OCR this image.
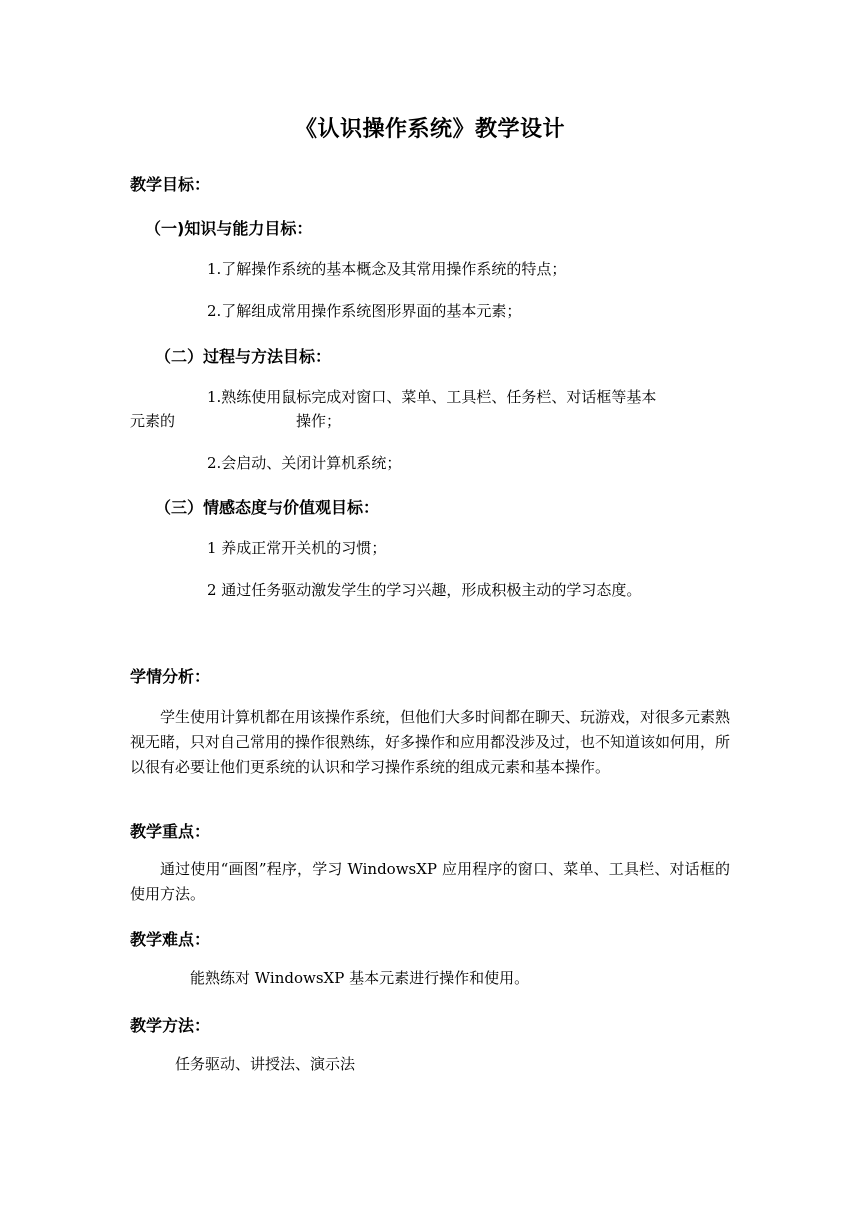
《认识操作系统》教学设计
教学目标：
（一)知识与能力目标：
1.了解操作系统的基本概念及其常用操作系统的特点；
2.了解组成常用操作系统图形界面的基本元素；
（二）过程与方法目标：
1.熟练使用鼠标完成对窗口、菜单、工具栏、任务栏、对话框等基本
元素的	操作；
2.会启动、关闭计算机系统；
（三）情感态度与价值观目标：
1 养成正常开关机的习惯；
2 通过任务驱动激发学生的学习兴趣，形成积极主动的学习态度。
学情分析：

学生使用计算机都在用该操作系统，但他们大多时间都在聊天、玩游戏，对很多元素熟视无睹，只对自己常用的操作很熟练，好多操作和应用都没涉及过，也不知道该如何用，所以很有必要让他们更系统的认识和学习操作系统的组成元素和基本操作。

教学重点：

通过使用“画图”程序，学习 WindowsXP 应用程序的窗口、菜单、工具栏、对话框的使用方法。

教学难点：
能熟练对 WindowsXP 基本元素进行操作和使用。
教学方法：
任务驱动、讲授法、演示法
